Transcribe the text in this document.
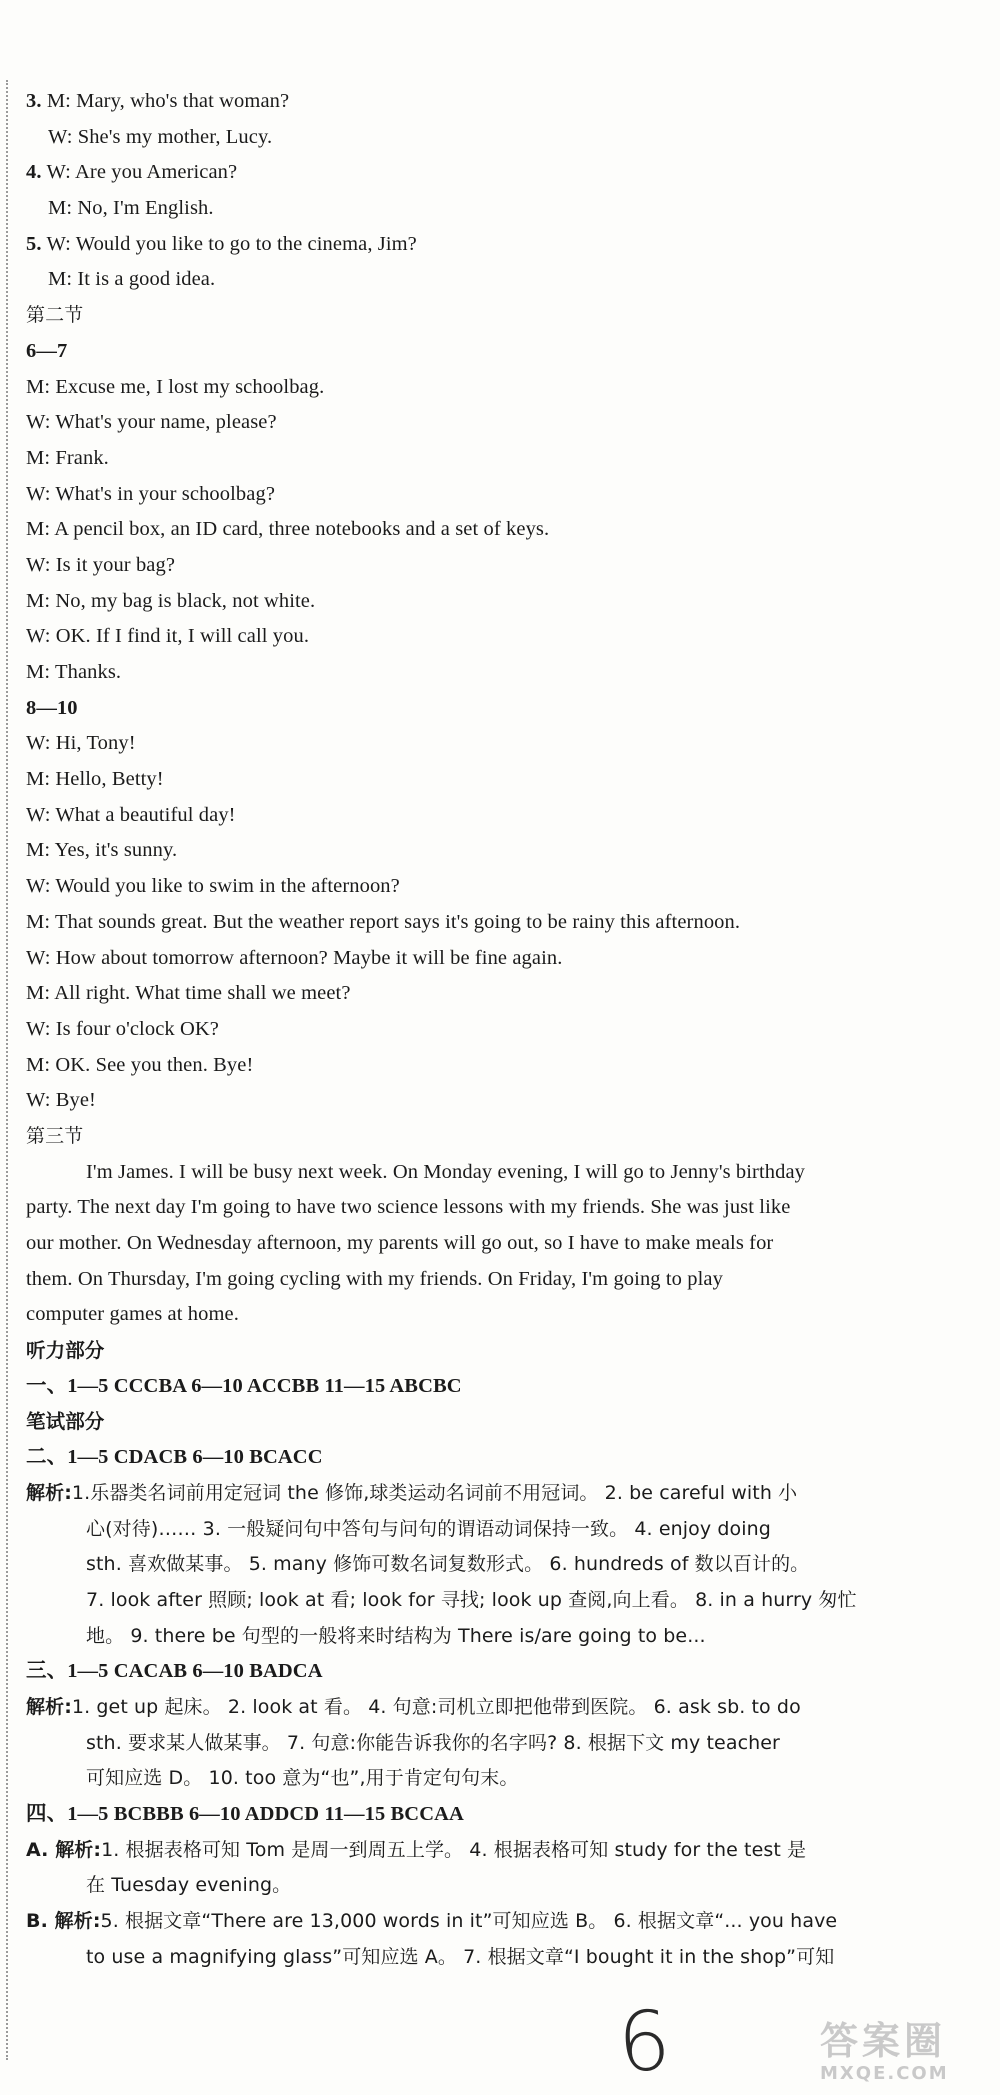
3. M: Mary, who's that woman?
W: She's my mother, Lucy.
4. W: Are you American?
M: No, I'm English.
5. W: Would you like to go to the cinema, Jim?
M: It is a good idea.
第二节
6—7
M: Excuse me, I lost my schoolbag.
W: What's your name, please?
M: Frank.
W: What's in your schoolbag?
M: A pencil box, an ID card, three notebooks and a set of keys.
W: Is it your bag?
M: No, my bag is black, not white.
W: OK. If I find it, I will call you.
M: Thanks.
8—10
W: Hi, Tony!
M: Hello, Betty!
W: What a beautiful day!
M: Yes, it's sunny.
W: Would you like to swim in the afternoon?
M: That sounds great. But the weather report says it's going to be rainy this afternoon.
W: How about tomorrow afternoon? Maybe it will be fine again.
M: All right. What time shall we meet?
W: Is four o'clock OK?
M: OK. See you then. Bye!
W: Bye!
第三节
I'm James. I will be busy next week. On Monday evening, I will go to Jenny's birthday
party. The next day I'm going to have two science lessons with my friends. She was just like
our mother. On Wednesday afternoon, my parents will go out, so I have to make meals for
them. On Thursday, I'm going cycling with my friends. On Friday, I'm going to play
computer games at home.
听力部分
一、1—5 CCCBA 6—10 ACCBB 11—15 ABCBC
笔试部分
二、1—5 CDACB 6—10 BCACC
解析:1.乐器类名词前用定冠词 the 修饰,球类运动名词前不用冠词。 2. be careful with 小
心(对待)…… 3. 一般疑问句中答句与问句的谓语动词保持一致。 4. enjoy doing
sth. 喜欢做某事。 5. many 修饰可数名词复数形式。 6. hundreds of 数以百计的。
7. look after 照顾; look at 看; look for 寻找; look up 查阅,向上看。 8. in a hurry 匆忙
地。 9. there be 句型的一般将来时结构为 There is/are going to be...
三、1—5 CACAB 6—10 BADCA
解析:1. get up 起床。 2. look at 看。 4. 句意:司机立即把他带到医院。 6. ask sb. to do
sth. 要求某人做某事。 7. 句意:你能告诉我你的名字吗? 8. 根据下文 my teacher
可知应选 D。 10. too 意为“也”,用于肯定句句末。
四、1—5 BCBBB 6—10 ADDCD 11—15 BCCAA
A. 解析:1. 根据表格可知 Tom 是周一到周五上学。 4. 根据表格可知 study for the test 是
在 Tuesday evening。
B. 解析:5. 根据文章“There are 13,000 words in it”可知应选 B。 6. 根据文章“... you have
to use a magnifying glass”可知应选 A。 7. 根据文章“I bought it in the shop”可知
6	答案圈
MXQE.COM
